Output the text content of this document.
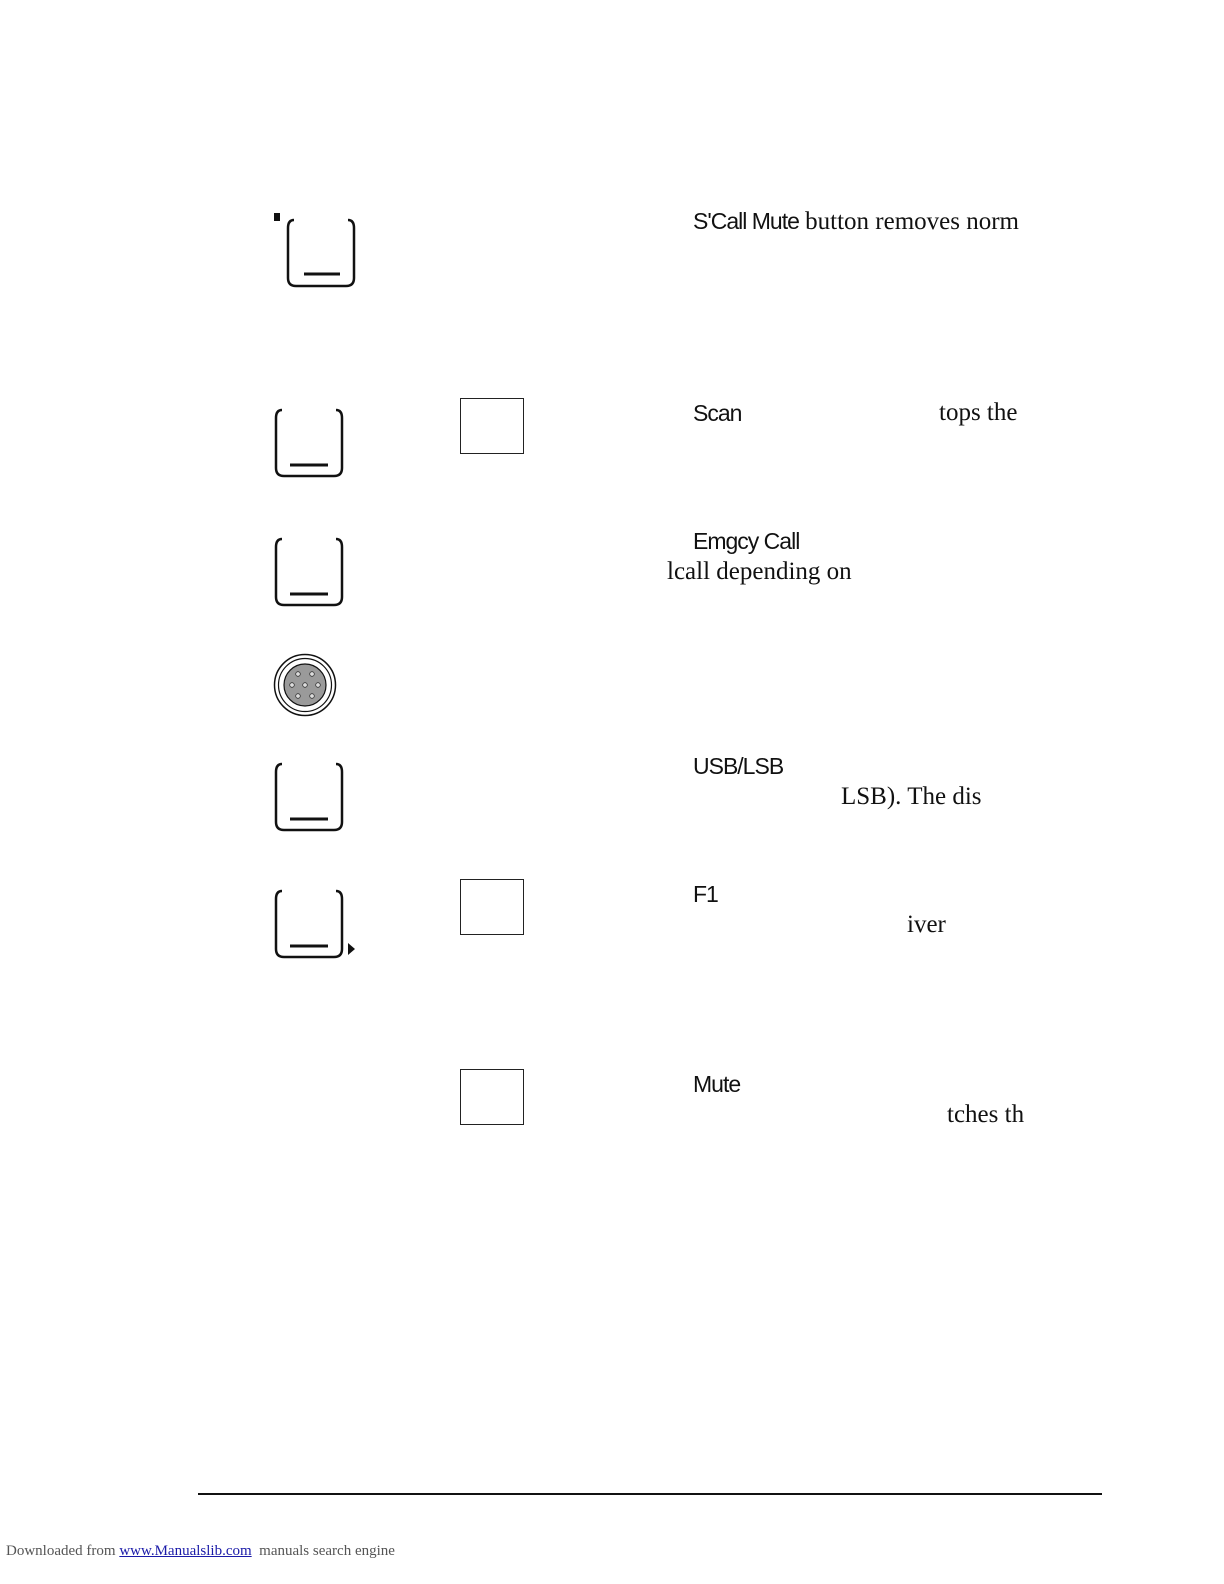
S'Call Mute button removes norm
Scan	tops the
Emgcy Call
lcall depending on
USB/LSB
LSB). The dis
F1
iver
Mute
tches th
Downloaded from www.Manualslib.com  manuals search engine
